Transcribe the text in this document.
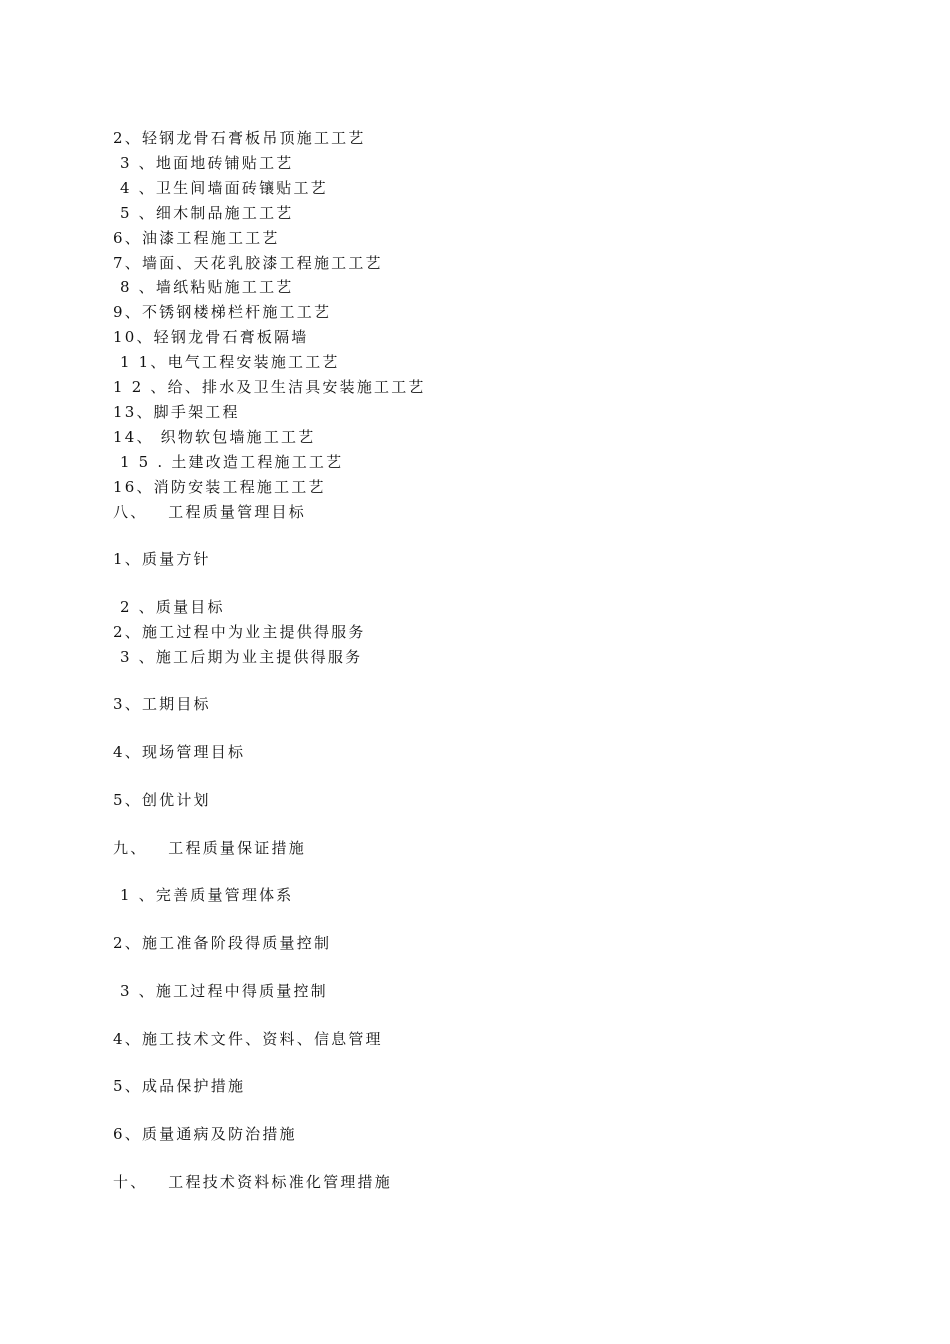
2、轻钢龙骨石膏板吊顶施工工艺
3 、地面地砖铺贴工艺
4 、卫生间墙面砖镶贴工艺
5 、细木制品施工工艺
6、油漆工程施工工艺
7、墙面、天花乳胶漆工程施工工艺
8 、墙纸粘贴施工工艺
9、不锈钢楼梯栏杆施工工艺
10、轻钢龙骨石膏板隔墙
1 1、电气工程安装施工工艺
1 2 、给、排水及卫生洁具安装施工工艺
13、脚手架工程
14、 织物软包墙施工工艺
1 5 . 土建改造工程施工工艺
16、消防安装工程施工工艺
八、   工程质量管理目标
1、质量方针
2 、质量目标
2、施工过程中为业主提供得服务
3 、施工后期为业主提供得服务
3、工期目标
4、现场管理目标
5、创优计划
九、   工程质量保证措施
1 、完善质量管理体系
2、施工准备阶段得质量控制
3 、施工过程中得质量控制
4、施工技术文件、资料、信息管理
5、成品保护措施
6、质量通病及防治措施
十、   工程技术资料标准化管理措施
